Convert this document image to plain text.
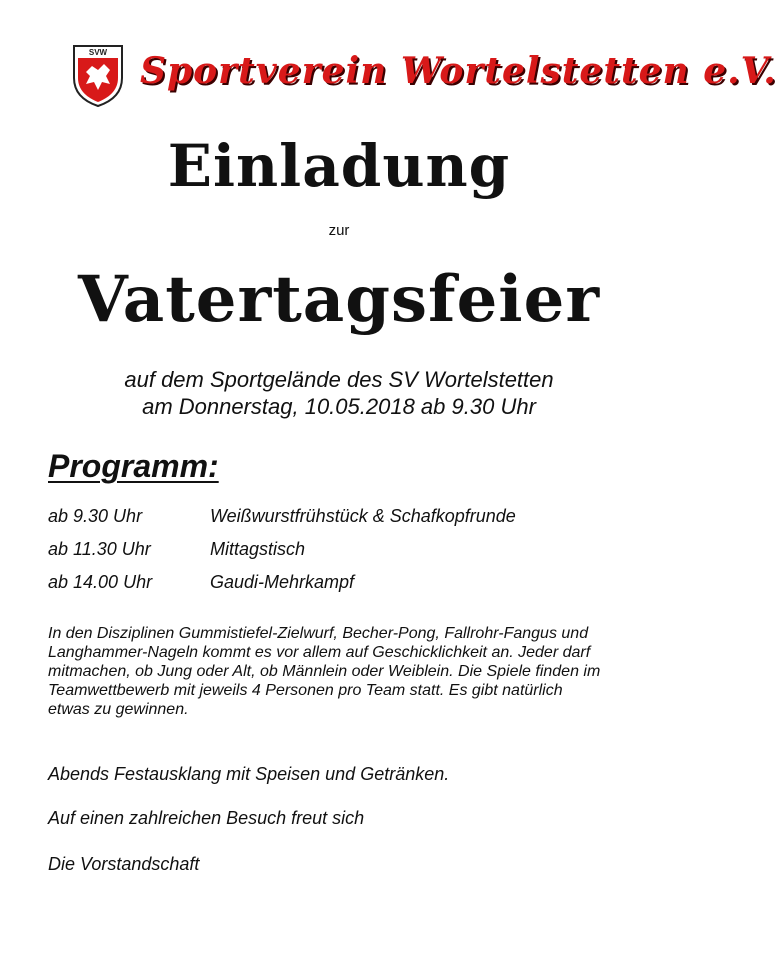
SVW Sportverein Wortelstetten e.V.
Einladung
zur
Vatertagsfeier
auf dem Sportgelände des SV Wortelstetten
am Donnerstag, 10.05.2018 ab 9.30 Uhr
Programm:
ab 9.30 Uhr	Weißwurstfrühstück & Schafkopfrunde
ab 11.30 Uhr	Mittagstisch
ab 14.00 Uhr	Gaudi-Mehrkampf

In den Disziplinen Gummistiefel-Zielwurf, Becher-Pong, Fallrohr-Fangus und Langhammer-Nageln kommt es vor allem auf Geschicklichkeit an. Jeder darf mitmachen, ob Jung oder Alt, ob Männlein oder Weiblein. Die Spiele finden im Teamwettbewerb mit jeweils 4 Personen pro Team statt. Es gibt natürlich etwas zu gewinnen.

Abends Festausklang mit Speisen und Getränken.

Auf einen zahlreichen Besuch freut sich

Die Vorstandschaft
